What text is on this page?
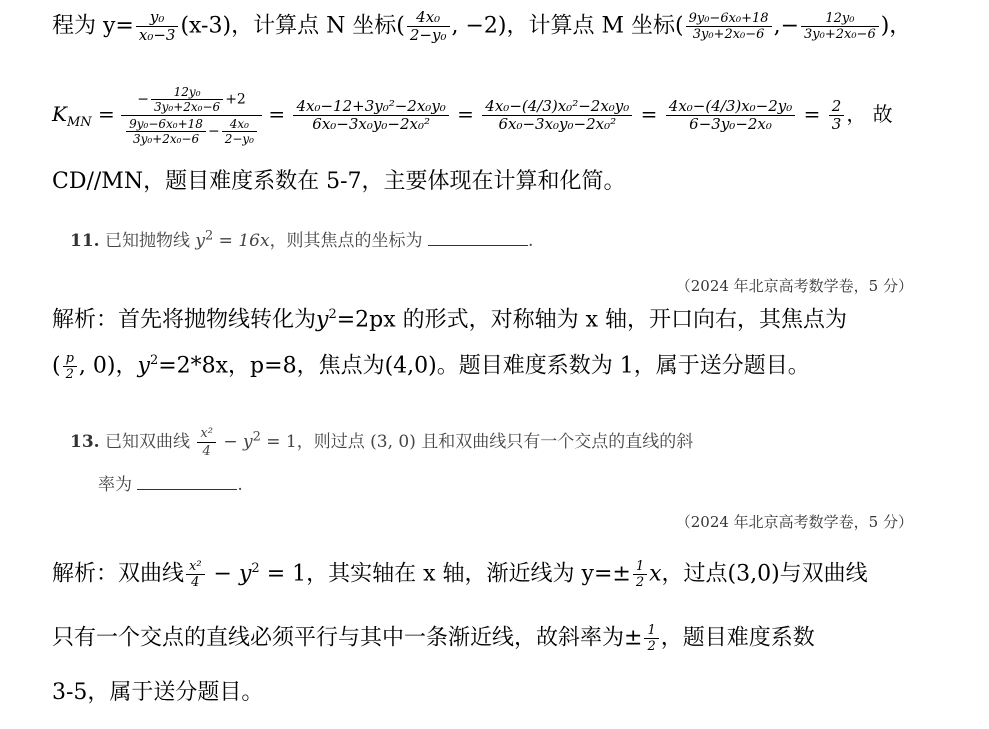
程为 $y= \frac{\text{y₀}}{\text{x₀−3}} (x-3)$，计算点 N 坐标( $\frac{\text{4x₀}}{\text{2−y₀}}$ , −2)，计算点 M 坐标( $\frac{\text{9y₀−6x₀+18}}{\text{3y₀+2x₀−6}}$ ,− $\frac{\text{12y₀}}{\text{3y₀+2x₀−6}}$ )，
$K_{MN} = \frac{- \frac{\text{12y₀}}{\text{3y₀+2x₀−6}} +2}{\frac{\text{9y₀−6x₀+18}}{\text{3y₀+2x₀−6}} - \frac{\text{4x₀}}{\text{2−y₀}}} = \frac{\text{4x₀−12+3y₀²−2x₀y₀}}{\text{6x₀−3x₀y₀−2x₀²}} = \frac{\text{4x₀−(4/3)x₀²−2x₀y₀}}{\text{6x₀−3x₀y₀−2x₀²}} = \frac{\text{4x₀−(4/3)x₀−2y₀}}{\text{6−3y₀−2x₀}} = \frac{2}{3}$ ， 故
CD//MN，题目难度系数在 5-7，主要体现在计算和化简。
11. 已知抛物线 $y^2 = 16x$，则其焦点的坐标为	.
（2024 年北京高考数学卷，5 分）
解析：首先将抛物线转化为$y^2=2px$ 的形式，对称轴为 x 轴，开口向右，其焦点为
( $\frac{p}{2}$ , 0)，$y^2=2*8x$，p=8，焦点为(4,0)。题目难度系数为 1，属于送分题目。
13. 已知双曲线 $\frac{\text{x²}}{4} - y^2 = 1$，则过点 (3, 0) 且和双曲线只有一个交点的直线的斜
率为	.
（2024 年北京高考数学卷，5 分）
解析：双曲线 $\frac{\text{x²}}{4} - y^2 = 1$，其实轴在 x 轴，渐近线为 $y=\pm \frac{1}{2}$ x，过点(3,0)与双曲线
只有一个交点的直线必须平行与其中一条渐近线，故斜率为± $\frac{1}{2}$ ，题目难度系数
3-5，属于送分题目。
